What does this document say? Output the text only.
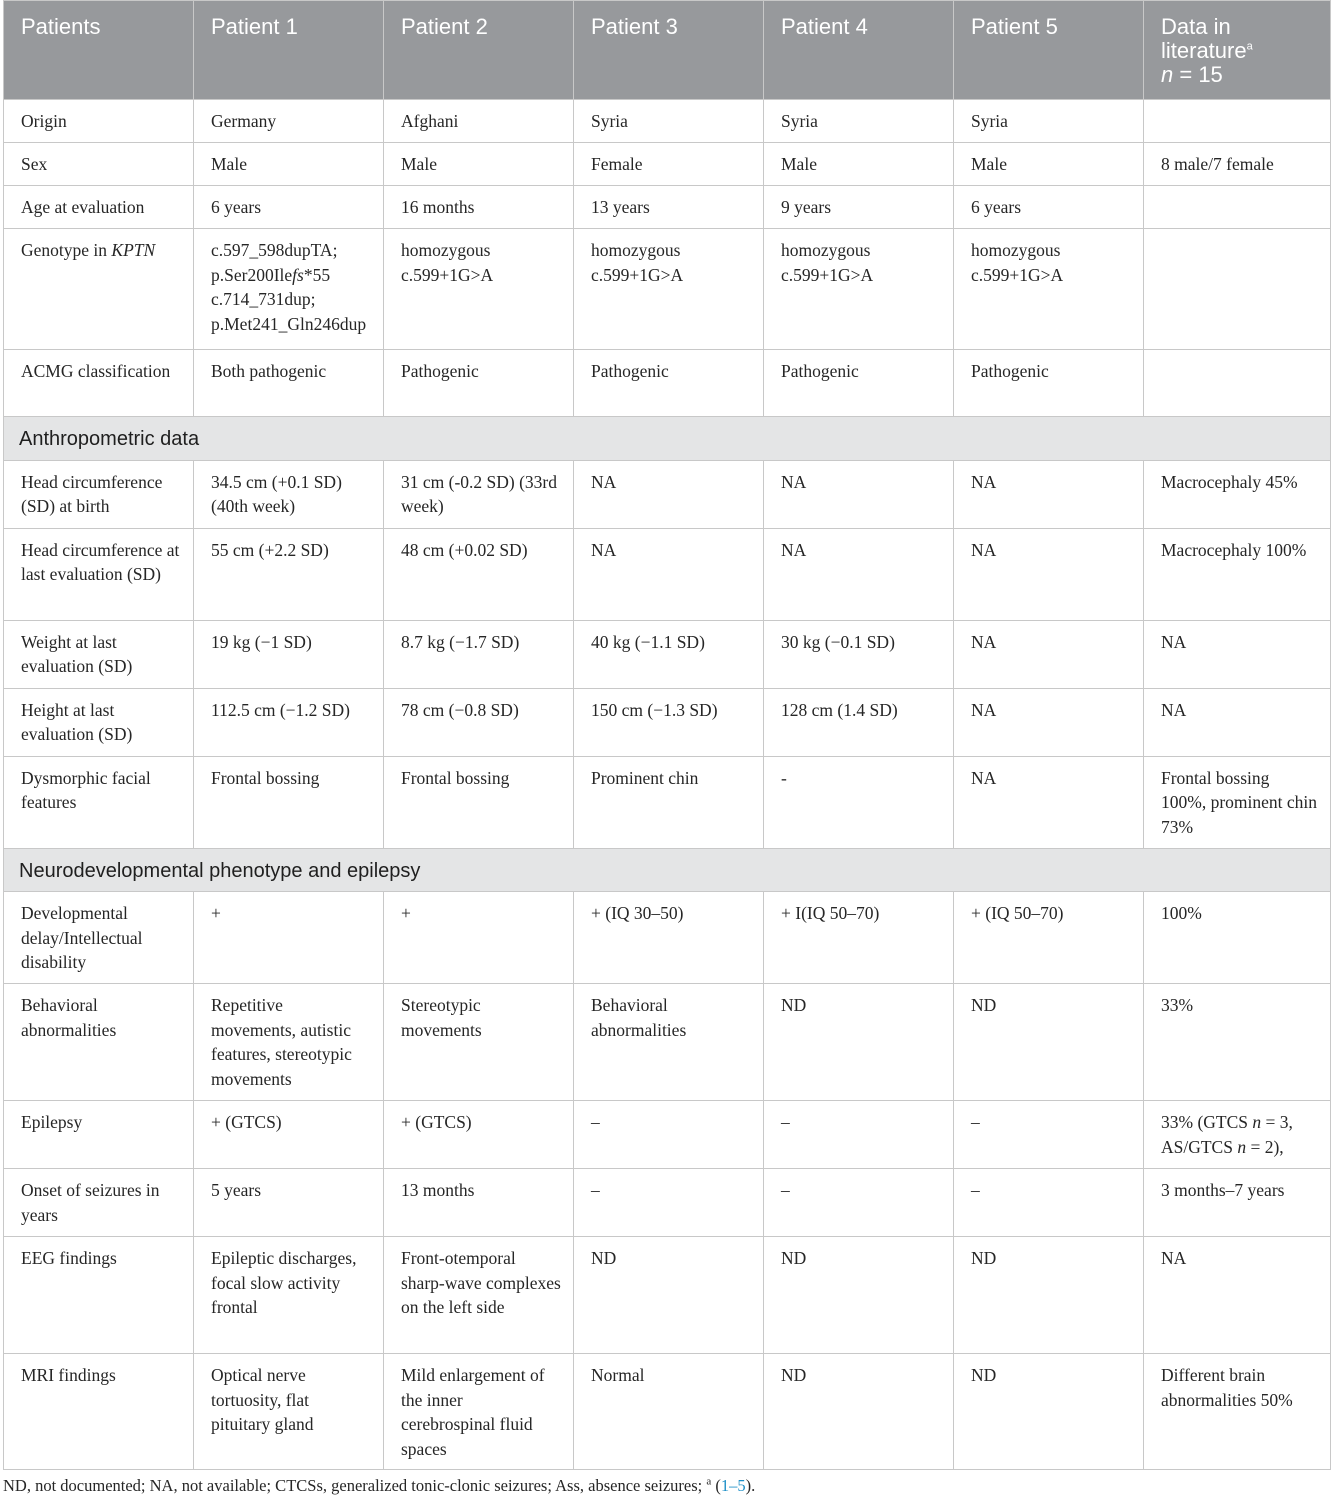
Patients	Patient 1	Patient 2	Patient 3	Patient 4	Patient 5	Data in
literature$^a$
n = 15
Origin	Germany	Afghani	Syria	Syria	Syria	
Sex	Male	Male	Female	Male	Male	8 male/7 female
Age at evaluation	6 years	16 months	13 years	9 years	6 years	
Genotype in KPTN	c.597_598dupTA;
p.Ser200Ilefs*55
c.714_731dup;
p.Met241_Gln246dup	homozygous c.599+1G>A	homozygous c.599+1G>A	homozygous c.599+1G>A	homozygous c.599+1G>A	
ACMG classification	Both pathogenic	Pathogenic	Pathogenic	Pathogenic	Pathogenic	
Anthropometric data						
Head circumference (SD) at birth	34.5 cm (+0.1 SD) (40th week)	31 cm (-0.2 SD) (33rd week)	NA	NA	NA	Macrocephaly 45%
Head circumference at last evaluation (SD)	55 cm (+2.2 SD)	48 cm (+0.02 SD)	NA	NA	NA	Macrocephaly 100%
Weight at last evaluation (SD)	19 kg (−1 SD)	8.7 kg (−1.7 SD)	40 kg (−1.1 SD)	30 kg (−0.1 SD)	NA	NA
Height at last evaluation (SD)	112.5 cm (−1.2 SD)	78 cm (−0.8 SD)	150 cm (−1.3 SD)	128 cm (1.4 SD)	NA	NA
Dysmorphic facial features	Frontal bossing	Frontal bossing	Prominent chin	-	NA	Frontal bossing 100%, prominent chin 73%
Neurodevelopmental phenotype and epilepsy						
Developmental delay/Intellectual disability	+	+	+ (IQ 30–50)	+ I(IQ 50–70)	+ (IQ 50–70)	100%
Behavioral abnormalities	Repetitive movements, autistic features, stereotypic movements	Stereotypic movements	Behavioral abnormalities	ND	ND	33%
Epilepsy	+ (GTCS)	+ (GTCS)	–	–	–	33% (GTCS n = 3, AS/GTCS n = 2),
Onset of seizures in years	5 years	13 months	–	–	–	3 months–7 years
EEG findings	Epileptic discharges, focal slow activity frontal	Front-otemporal sharp-wave complexes on the left side	ND	ND	ND	NA
MRI findings	Optical nerve tortuosity, flat pituitary gland	Mild enlargement of the inner cerebrospinal fluid spaces	Normal	ND	ND	Different brain abnormalities 50%
ND, not documented; NA, not available; CTCSs, generalized tonic-clonic seizures; Ass, absence seizures; $^a$ (1–5).
